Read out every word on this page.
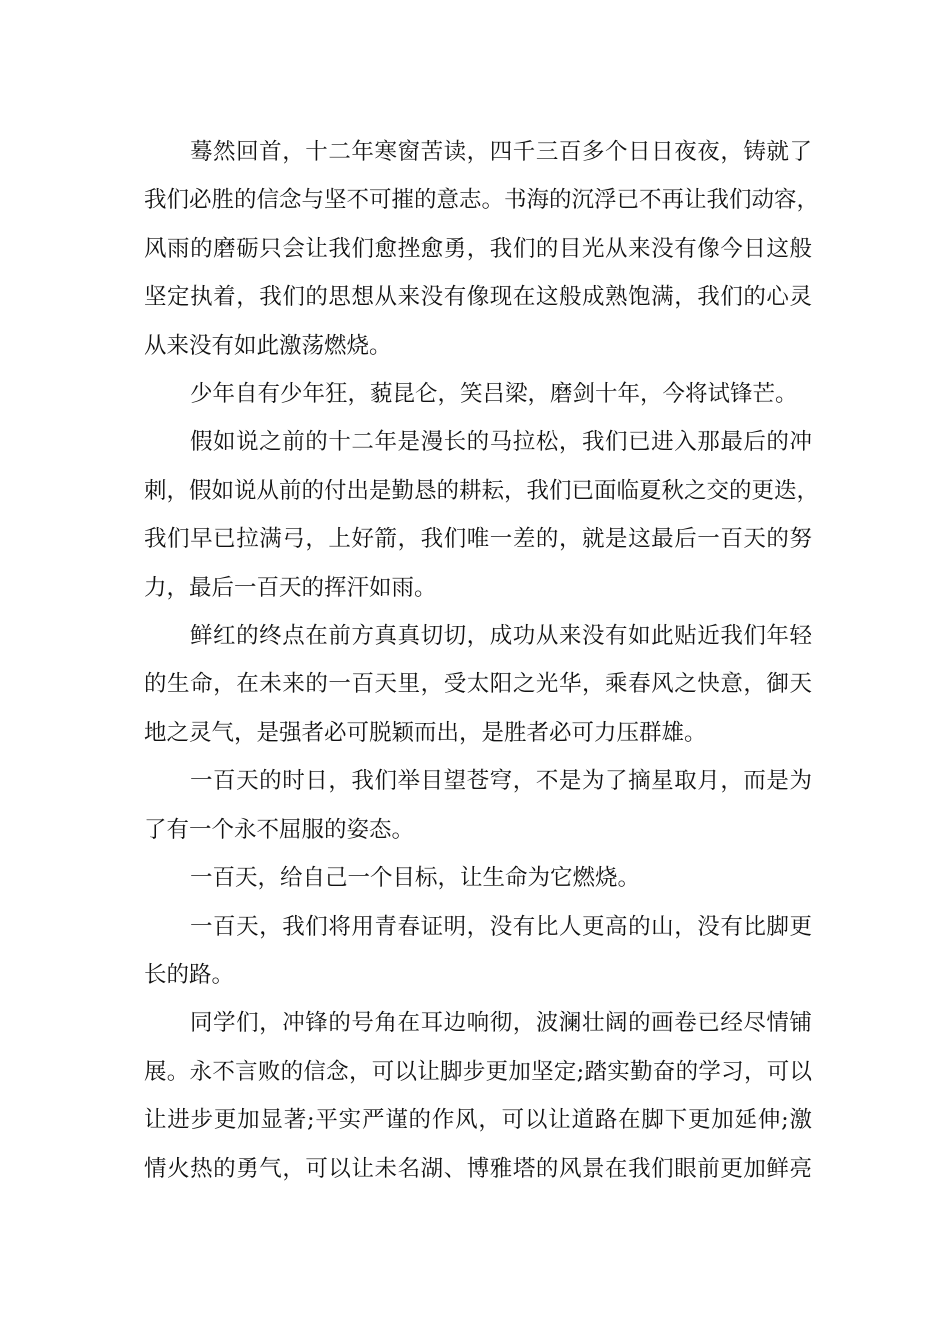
蓦然回首，十二年寒窗苦读，四千三百多个日日夜夜，铸就了
我们必胜的信念与坚不可摧的意志。书海的沉浮已不再让我们动容，
风雨的磨砺只会让我们愈挫愈勇，我们的目光从来没有像今日这般
坚定执着，我们的思想从来没有像现在这般成熟饱满，我们的心灵
从来没有如此激荡燃烧。
少年自有少年狂，藐昆仑，笑吕梁，磨剑十年，今将试锋芒。
假如说之前的十二年是漫长的马拉松，我们已进入那最后的冲
刺，假如说从前的付出是勤恳的耕耘，我们已面临夏秋之交的更迭，
我们早已拉满弓，上好箭，我们唯一差的，就是这最后一百天的努
力，最后一百天的挥汗如雨。
鲜红的终点在前方真真切切，成功从来没有如此贴近我们年轻
的生命，在未来的一百天里，受太阳之光华，乘春风之快意，御天
地之灵气，是强者必可脱颖而出，是胜者必可力压群雄。
一百天的时日，我们举目望苍穹，不是为了摘星取月，而是为
了有一个永不屈服的姿态。
一百天，给自己一个目标，让生命为它燃烧。
一百天，我们将用青春证明，没有比人更高的山，没有比脚更
长的路。
同学们，冲锋的号角在耳边响彻，波澜壮阔的画卷已经尽情铺
展。永不言败的信念，可以让脚步更加坚定;踏实勤奋的学习，可以
让进步更加显著;平实严谨的作风，可以让道路在脚下更加延伸;激
情火热的勇气，可以让未名湖、博雅塔的风景在我们眼前更加鲜亮
